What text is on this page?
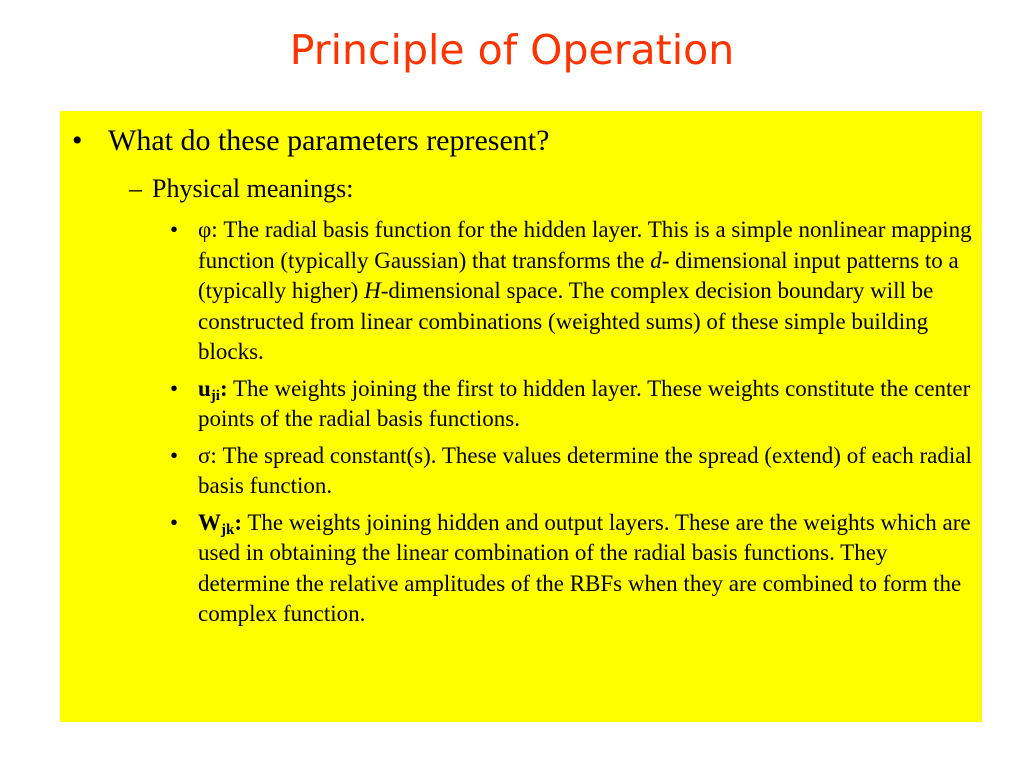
Principle of Operation
• What do these parameters represent?
– Physical meanings:
• φ: The radial basis function for the hidden layer. This is a simple nonlinear mapping function (typically Gaussian) that transforms the d- dimensional input patterns to a (typically higher) H-dimensional space. The complex decision boundary will be constructed from linear combinations (weighted sums) of these simple building blocks.
• $u_{ji}$: The weights joining the first to hidden layer. These weights constitute the center points of the radial basis functions.
• σ: The spread constant(s). These values determine the spread (extend) of each radial basis function.
• $W_{jk}$: The weights joining hidden and output layers. These are the weights which are used in obtaining the linear combination of the radial basis functions. They determine the relative amplitudes of the RBFs when they are combined to form the complex function.
